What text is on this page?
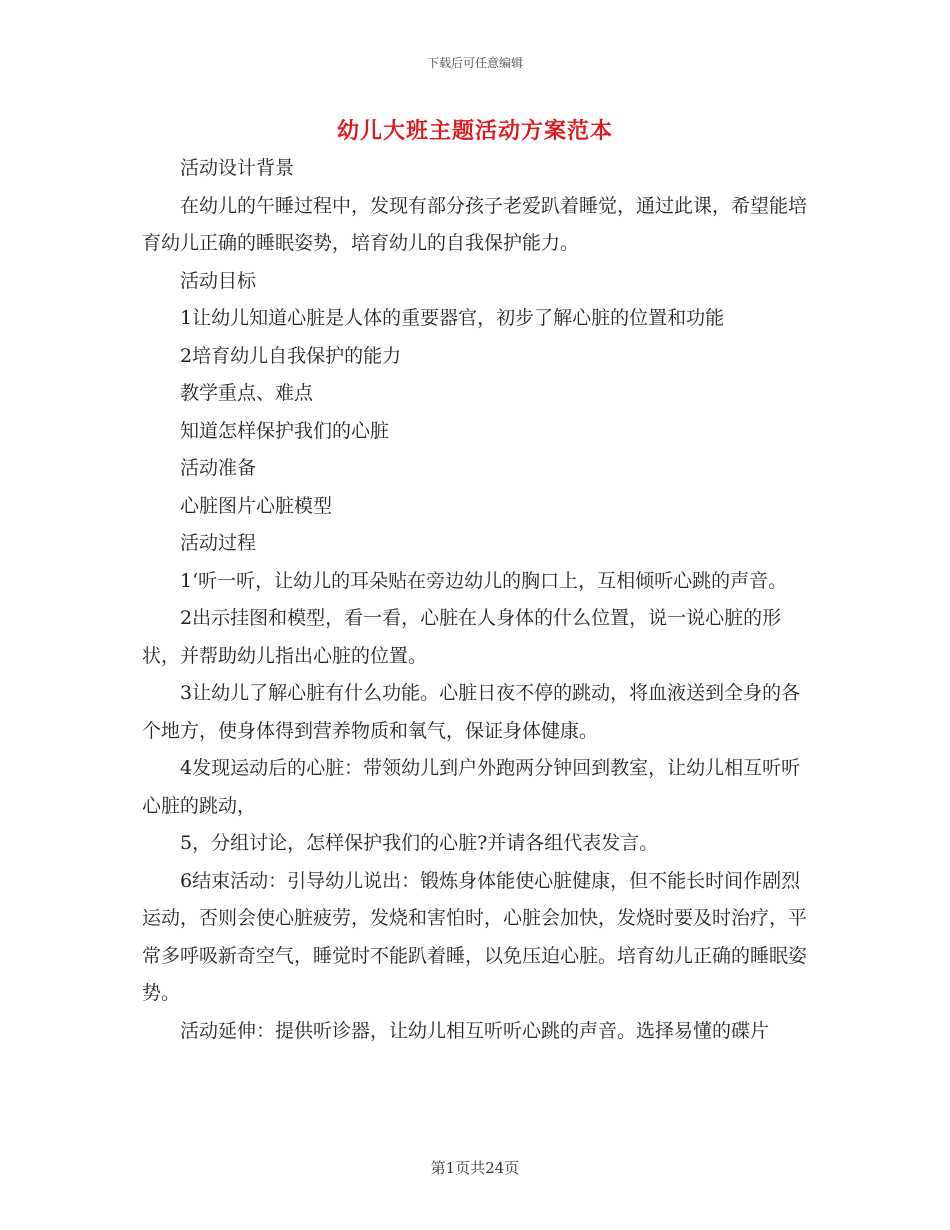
下载后可任意编辑
幼儿大班主题活动方案范本

活动设计背景

在幼儿的午睡过程中，发现有部分孩子老爱趴着睡觉，通过此课，希望能培育幼儿正确的睡眠姿势，培育幼儿的自我保护能力。

活动目标

1让幼儿知道心脏是人体的重要器官，初步了解心脏的位置和功能

2培育幼儿自我保护的能力

教学重点、难点

知道怎样保护我们的心脏

活动准备

心脏图片心脏模型

活动过程

1‘听一听，让幼儿的耳朵贴在旁边幼儿的胸口上，互相倾听心跳的声音。

2出示挂图和模型，看一看，心脏在人身体的什么位置，说一说心脏的形状，并帮助幼儿指出心脏的位置。

3让幼儿了解心脏有什么功能。心脏日夜不停的跳动，将血液送到全身的各个地方，使身体得到营养物质和氧气，保证身体健康。

4发现运动后的心脏：带领幼儿到户外跑两分钟回到教室，让幼儿相互听听心脏的跳动，

5，分组讨论，怎样保护我们的心脏?并请各组代表发言。

6结束活动：引导幼儿说出：锻炼身体能使心脏健康，但不能长时间作剧烈运动，否则会使心脏疲劳，发烧和害怕时，心脏会加快，发烧时要及时治疗，平常多呼吸新奇空气，睡觉时不能趴着睡，以免压迫心脏。培育幼儿正确的睡眠姿势。

活动延伸：提供听诊器，让幼儿相互听听心跳的声音。选择易懂的碟片

第1页共24页
